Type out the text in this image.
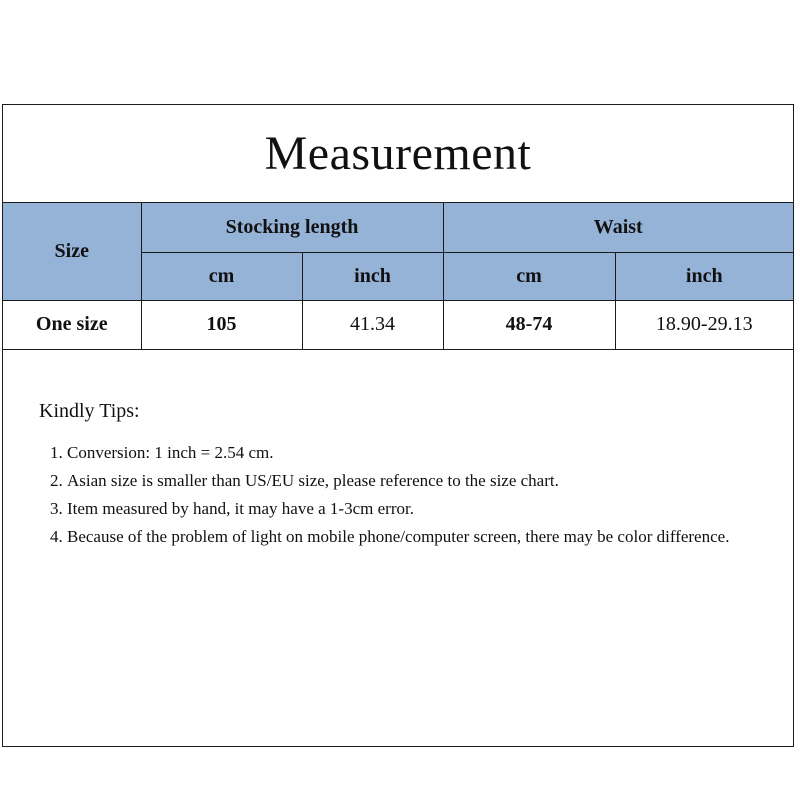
Measurement
Size	Stocking length		Waist	
	cm	inch	cm	inch
One size	105	41.34	48-74	18.90-29.13
Kindly Tips:
1. Conversion: 1 inch = 2.54 cm.
2. Asian size is smaller than US/EU size, please reference to the size chart.
3. Item measured by hand, it may have a 1-3cm error.
4. Because of the problem of light on mobile phone/computer screen, there may be color difference.
